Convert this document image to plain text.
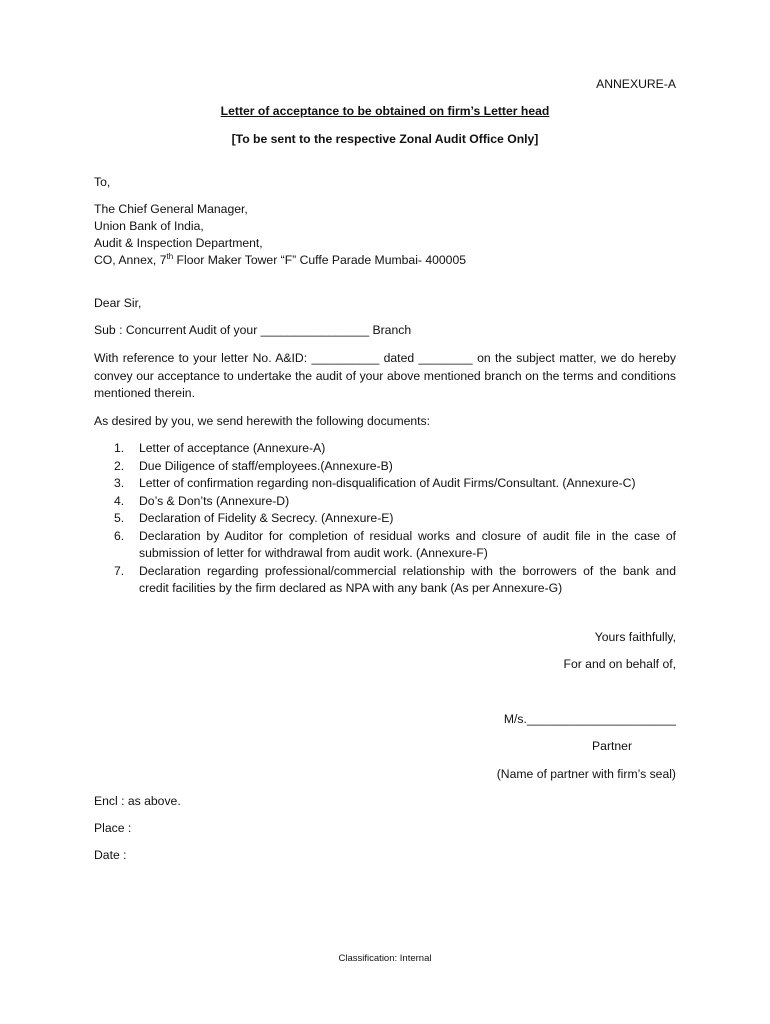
ANNEXURE-A
Letter of acceptance to be obtained on firm’s Letter head
[To be sent to the respective Zonal Audit Office Only]
To,
The Chief General Manager,
Union Bank of India,
Audit & Inspection Department,
CO, Annex, 7th Floor Maker Tower “F” Cuffe Parade Mumbai- 400005
Dear Sir,
Sub : Concurrent Audit of your ________________ Branch
With reference to your letter No. A&ID: __________ dated ________ on the subject matter, we do hereby convey our acceptance to undertake the audit of your above mentioned branch on the terms and conditions mentioned therein.
As desired by you, we send herewith the following documents:
1.	Letter of acceptance (Annexure-A)
2.	Due Diligence of staff/employees.(Annexure-B)
3.	Letter of confirmation regarding non-disqualification of Audit Firms/Consultant. (Annexure-C)
4.	Do’s & Don’ts (Annexure-D)
5.	Declaration of Fidelity & Secrecy. (Annexure-E)
6.	Declaration by Auditor for completion of residual works and closure of audit file in the case of submission of letter for withdrawal from audit work. (Annexure-F)
7.	Declaration regarding professional/commercial relationship with the borrowers of the bank and credit facilities by the firm declared as NPA with any bank (As per Annexure-G)
Yours faithfully,
For and on behalf of,
M/s.______________________
Partner
(Name of partner with firm’s seal)
Encl : as above.
Place :
Date :
Classification: Internal
